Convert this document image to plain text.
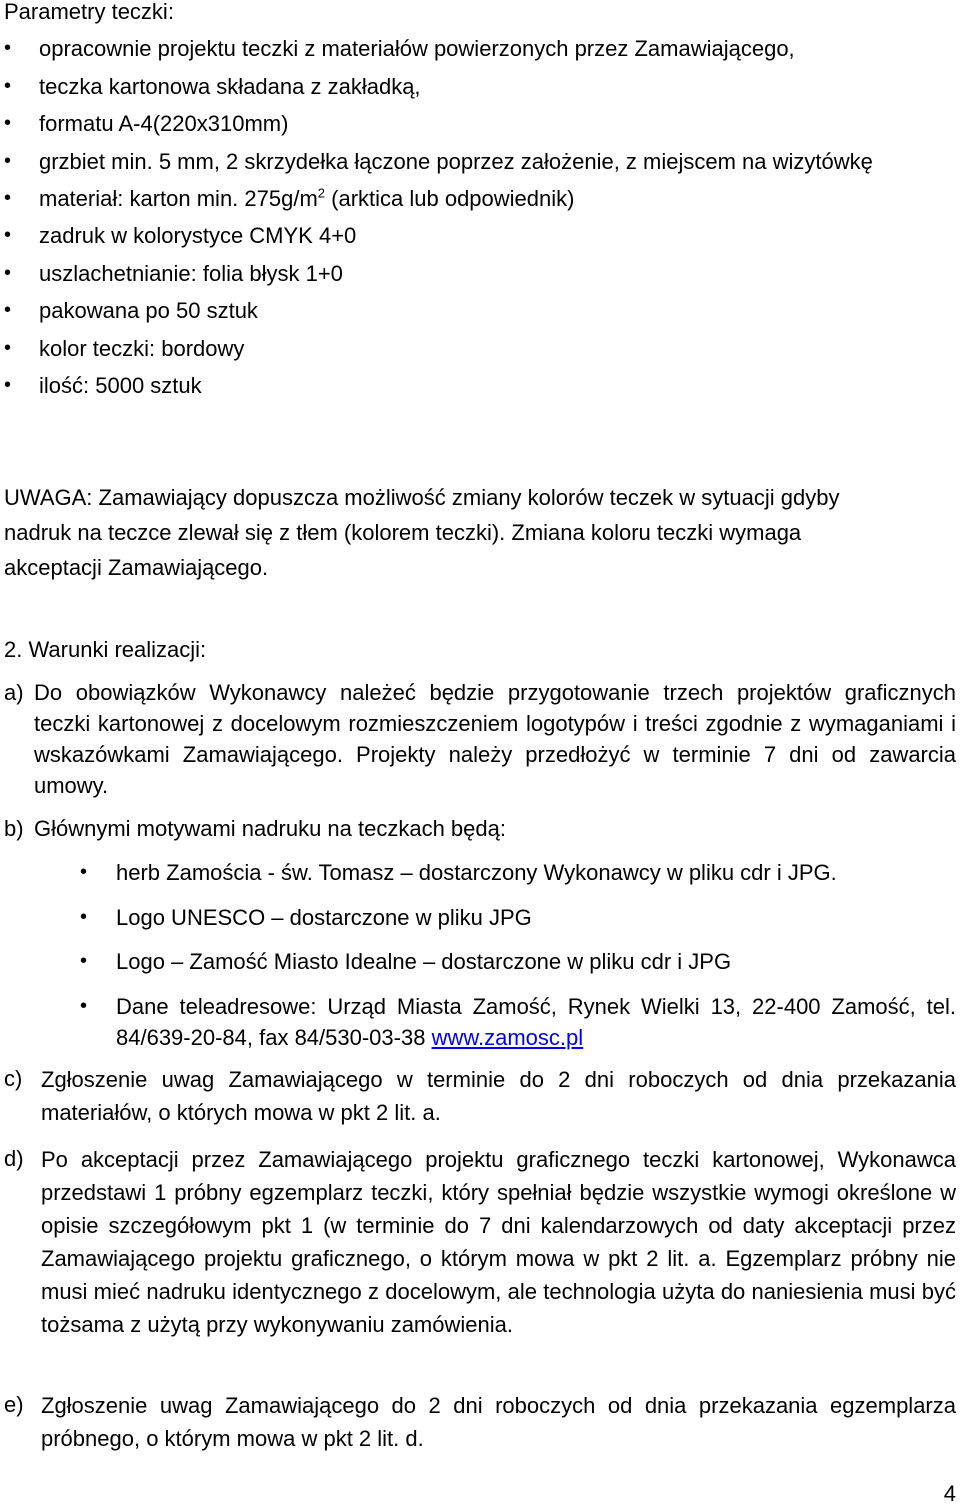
Parametry teczki:

• opracownie projektu teczki z materiałów powierzonych przez Zamawiającego,
• teczka kartonowa składana z zakładką,
• formatu A-4(220x310mm)
• grzbiet min. 5 mm, 2 skrzydełka łączone poprzez założenie, z miejscem na wizytówkę
• materiał: karton min. $275g/m^2$ (arktica lub odpowiednik)
• zadruk w kolorystyce CMYK 4+0
• uszlachetnianie: folia błysk 1+0
• pakowana po 50 sztuk
• kolor teczki: bordowy
• ilość: 5000 sztuk

UWAGA: Zamawiający dopuszcza możliwość zmiany kolorów teczek w sytuacji gdyby nadruk na teczce zlewał się z tłem (kolorem teczki). Zmiana koloru teczki wymaga akceptacji Zamawiającego.

2. Warunki realizacji:

a) Do obowiązków Wykonawcy należeć będzie przygotowanie trzech projektów graficznych teczki kartonowej z docelowym rozmieszczeniem logotypów i treści zgodnie z wymaganiami i wskazówkami Zamawiającego. Projekty należy przedłożyć w terminie 7 dni od zawarcia umowy.
b) Głównymi motywami nadruku na teczkach będą:
• herb Zamościa - św. Tomasz – dostarczony Wykonawcy w pliku cdr i JPG.
• Logo UNESCO – dostarczone w pliku JPG
• Logo – Zamość Miasto Idealne – dostarczone w pliku cdr i JPG
• Dane teleadresowe: Urząd Miasta Zamość, Rynek Wielki 13, 22-400 Zamość, tel. 84/639-20-84, fax 84/530-03-38 www.zamosc.pl
c) Zgłoszenie uwag Zamawiającego w terminie do 2 dni roboczych od dnia przekazania materiałów, o których mowa w pkt 2 lit. a.
d) Po akceptacji przez Zamawiającego projektu graficznego teczki kartonowej, Wykonawca przedstawi 1 próbny egzemplarz teczki, który spełniał będzie wszystkie wymogi określone w opisie szczegółowym pkt 1 (w terminie do 7 dni kalendarzowych od daty akceptacji przez Zamawiającego projektu graficznego, o którym mowa w pkt 2 lit. a. Egzemplarz próbny nie musi mieć nadruku identycznego z docelowym, ale technologia użyta do naniesienia musi być tożsama z użytą przy wykonywaniu zamówienia.
e) Zgłoszenie uwag Zamawiającego do 2 dni roboczych od dnia przekazania egzemplarza próbnego, o którym mowa w pkt 2 lit. d.

4
